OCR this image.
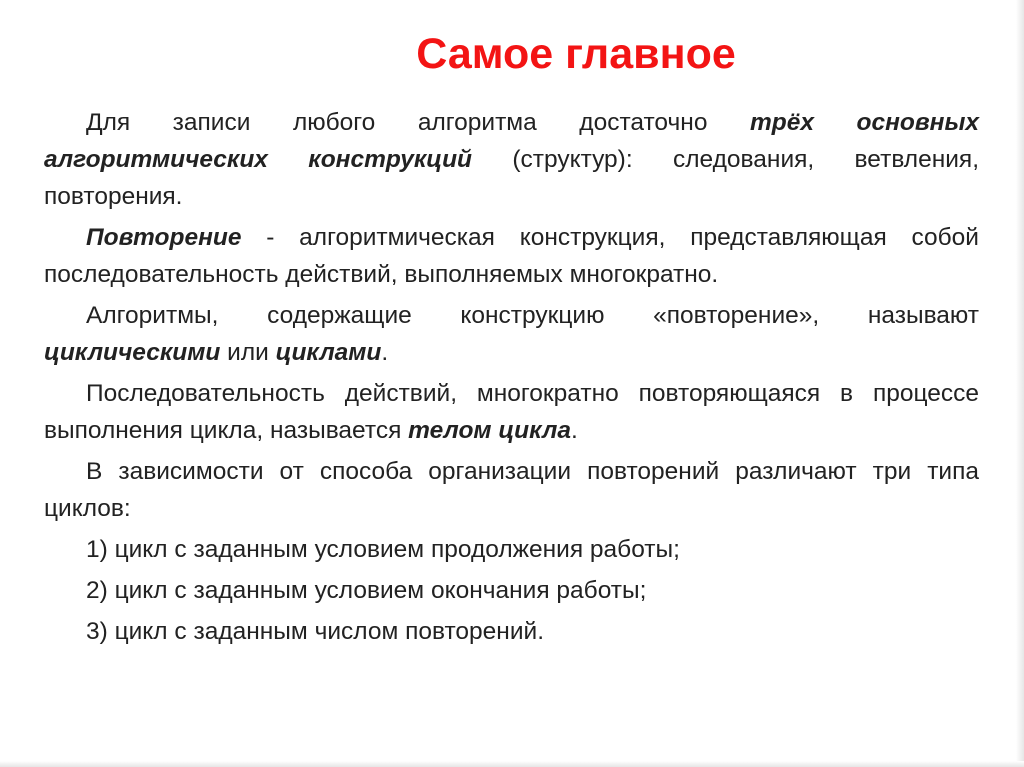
Самое главное

Для записи любого алгоритма достаточно трёх основных алгоритмических конструкций (структур): следования, ветвления, повторения.

Повторение - алгоритмическая конструкция, представляющая собой последовательность действий, выполняемых многократно.

Алгоритмы, содержащие конструкцию «повторение», называют циклическими или циклами.

Последовательность действий, многократно повторяющаяся в процессе выполнения цикла, называется телом цикла.

В зависимости от способа организации повторений различают три типа циклов:

1) цикл с заданным условием продолжения работы;

2) цикл с заданным условием окончания работы;

3) цикл с заданным числом повторений.
